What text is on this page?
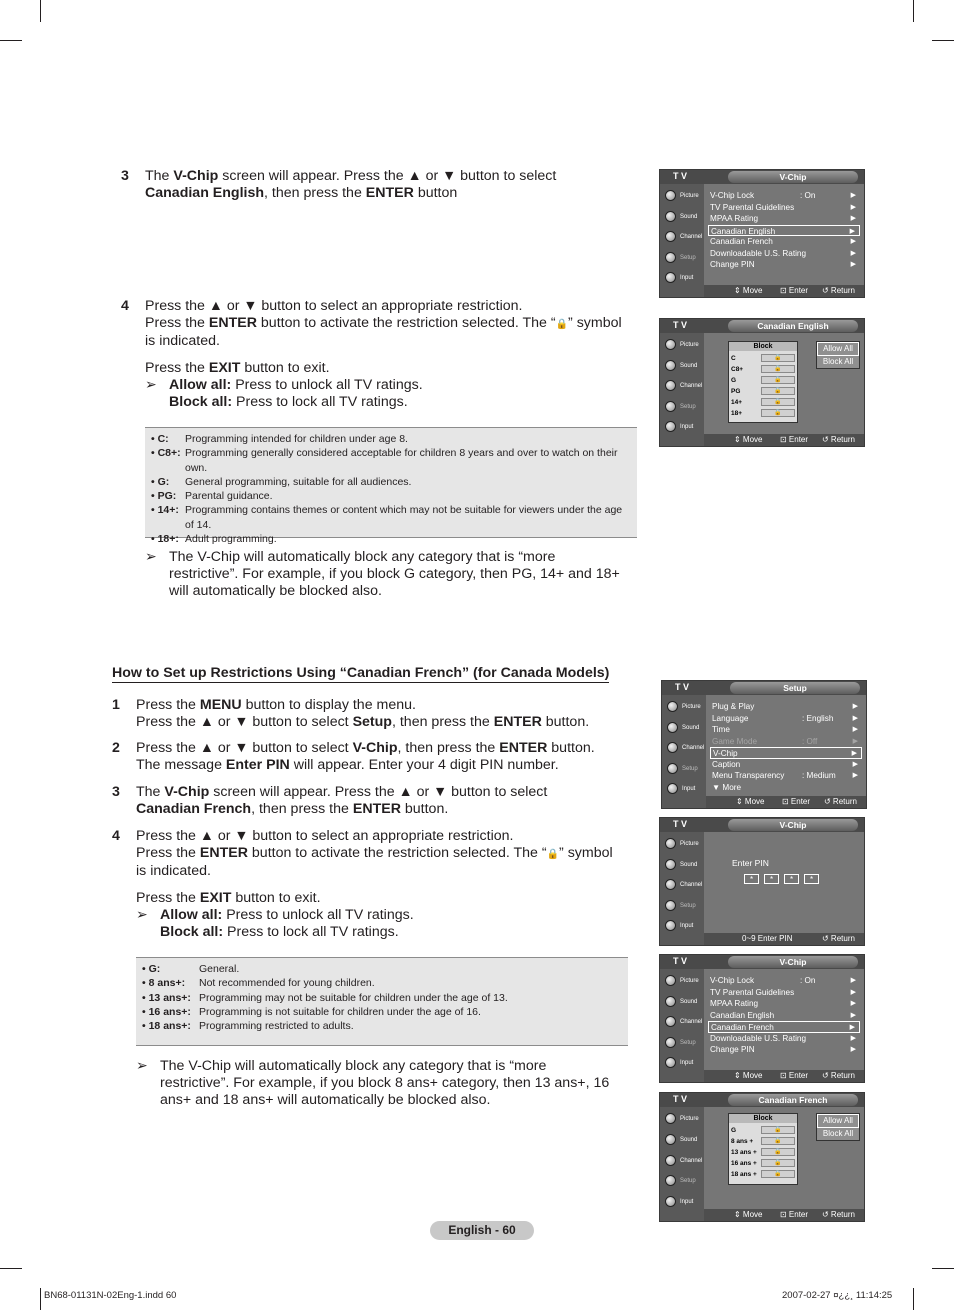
3 The V-Chip screen will appear. Press the ▲ or ▼ button to select Canadian English, then press the ENTER button
4 Press the ▲ or ▼ button to select an appropriate restriction.

Press the ENTER button to activate the restriction selected. The “🔒” symbol is indicated.

Press the EXIT button to exit.

➢ Allow all: Press to unlock all TV ratings.

Block all: Press to lock all TV ratings.

• C:	Programming intended for children under age 8.
• C8+: Programming generally considered acceptable for children 8 years and over to watch on their own.
• G:	General programming, suitable for all audiences.
• PG: Parental guidance.
• 14+: Programming contains themes or content which may not be suitable for viewers under the age of 14.
• 18+: Adult programming.
➢ The V-Chip will automatically block any category that is “more restrictive”. For example, if you block G category, then PG, 14+ and 18+ will automatically be blocked also.
How to Set up Restrictions Using “Canadian French” (for Canada Models)
1 Press the MENU button to display the menu.

Press the ▲ or ▼ button to select Setup, then press the ENTER button.

2 Press the ▲ or ▼ button to select V-Chip, then press the ENTER button.

The message Enter PIN will appear. Enter your 4 digit PIN number.

3 The V-Chip screen will appear. Press the ▲ or ▼ button to select Canadian French, then press the ENTER button.
4 Press the ▲ or ▼ button to select an appropriate restriction.

Press the ENTER button to activate the restriction selected. The “🔒” symbol is indicated.

Press the EXIT button to exit.

➢ Allow all: Press to unlock all TV ratings.

Block all: Press to lock all TV ratings.

• G:	General.
• 8 ans+:	Not recommended for young children.
• 13 ans+: Programming may not be suitable for children under the age of 13.
• 16 ans+: Programming is not suitable for children under the age of 16.
• 18 ans+: Programming restricted to adults.
➢ The V-Chip will automatically block any category that is “more restrictive”. For example, if you block 8 ans+ category, then 13 ans+, 16 ans+ and 18 ans+ will automatically be blocked also.
T V	V-Chip
Picture
Sound
Channel
Setup
Input
⇕ Move ⊡ Enter ↺ Return
V-Chip Lock	: On	▶
TV Parental Guidelines	▶
MPAA Rating	▶
Canadian English	▶
Canadian French	▶
Downloadable U.S. Rating	▶
Change PIN	▶
T V	Canadian English
Picture
Sound
Channel
Setup
Input
⇕ Move ⊡ Enter ↺ Return
Block
C	🔒
C8+	🔒
G	🔒
PG	🔒
14+	🔒
18+	🔒
Allow All
Block All
T V	Setup
Picture
Sound
Channel
Setup
Input
⇕ Move ⊡ Enter ↺ Return
Plug & Play	▶
Language	: English	▶
Time	▶
Game Mode	: Off	▶
V-Chip	▶
Caption	▶
Menu Transparency : Medium ▶
▼ More
T V	V-Chip
Picture
Sound
Channel
Setup
Input
0~9 Enter PIN	↺ Return
Enter PIN
*	*	*	*
T V	V-Chip
Picture
Sound
Channel
Setup
Input
⇕ Move ⊡ Enter ↺ Return
V-Chip Lock	: On	▶
TV Parental Guidelines	▶
MPAA Rating	▶
Canadian English	▶
Canadian French	▶
Downloadable U.S. Rating	▶
Change PIN	▶
T V	Canadian French
Picture
Sound
Channel
Setup
Input
⇕ Move ⊡ Enter ↺ Return
Block
G	🔒
8 ans +	🔒
13 ans +	🔒
16 ans +	🔒
18 ans +	🔒
Allow All
Block All
English - 60
BN68-01131N-02Eng-1.indd 60	2007-02-27 ¤¿¿¸ 11:14:25
